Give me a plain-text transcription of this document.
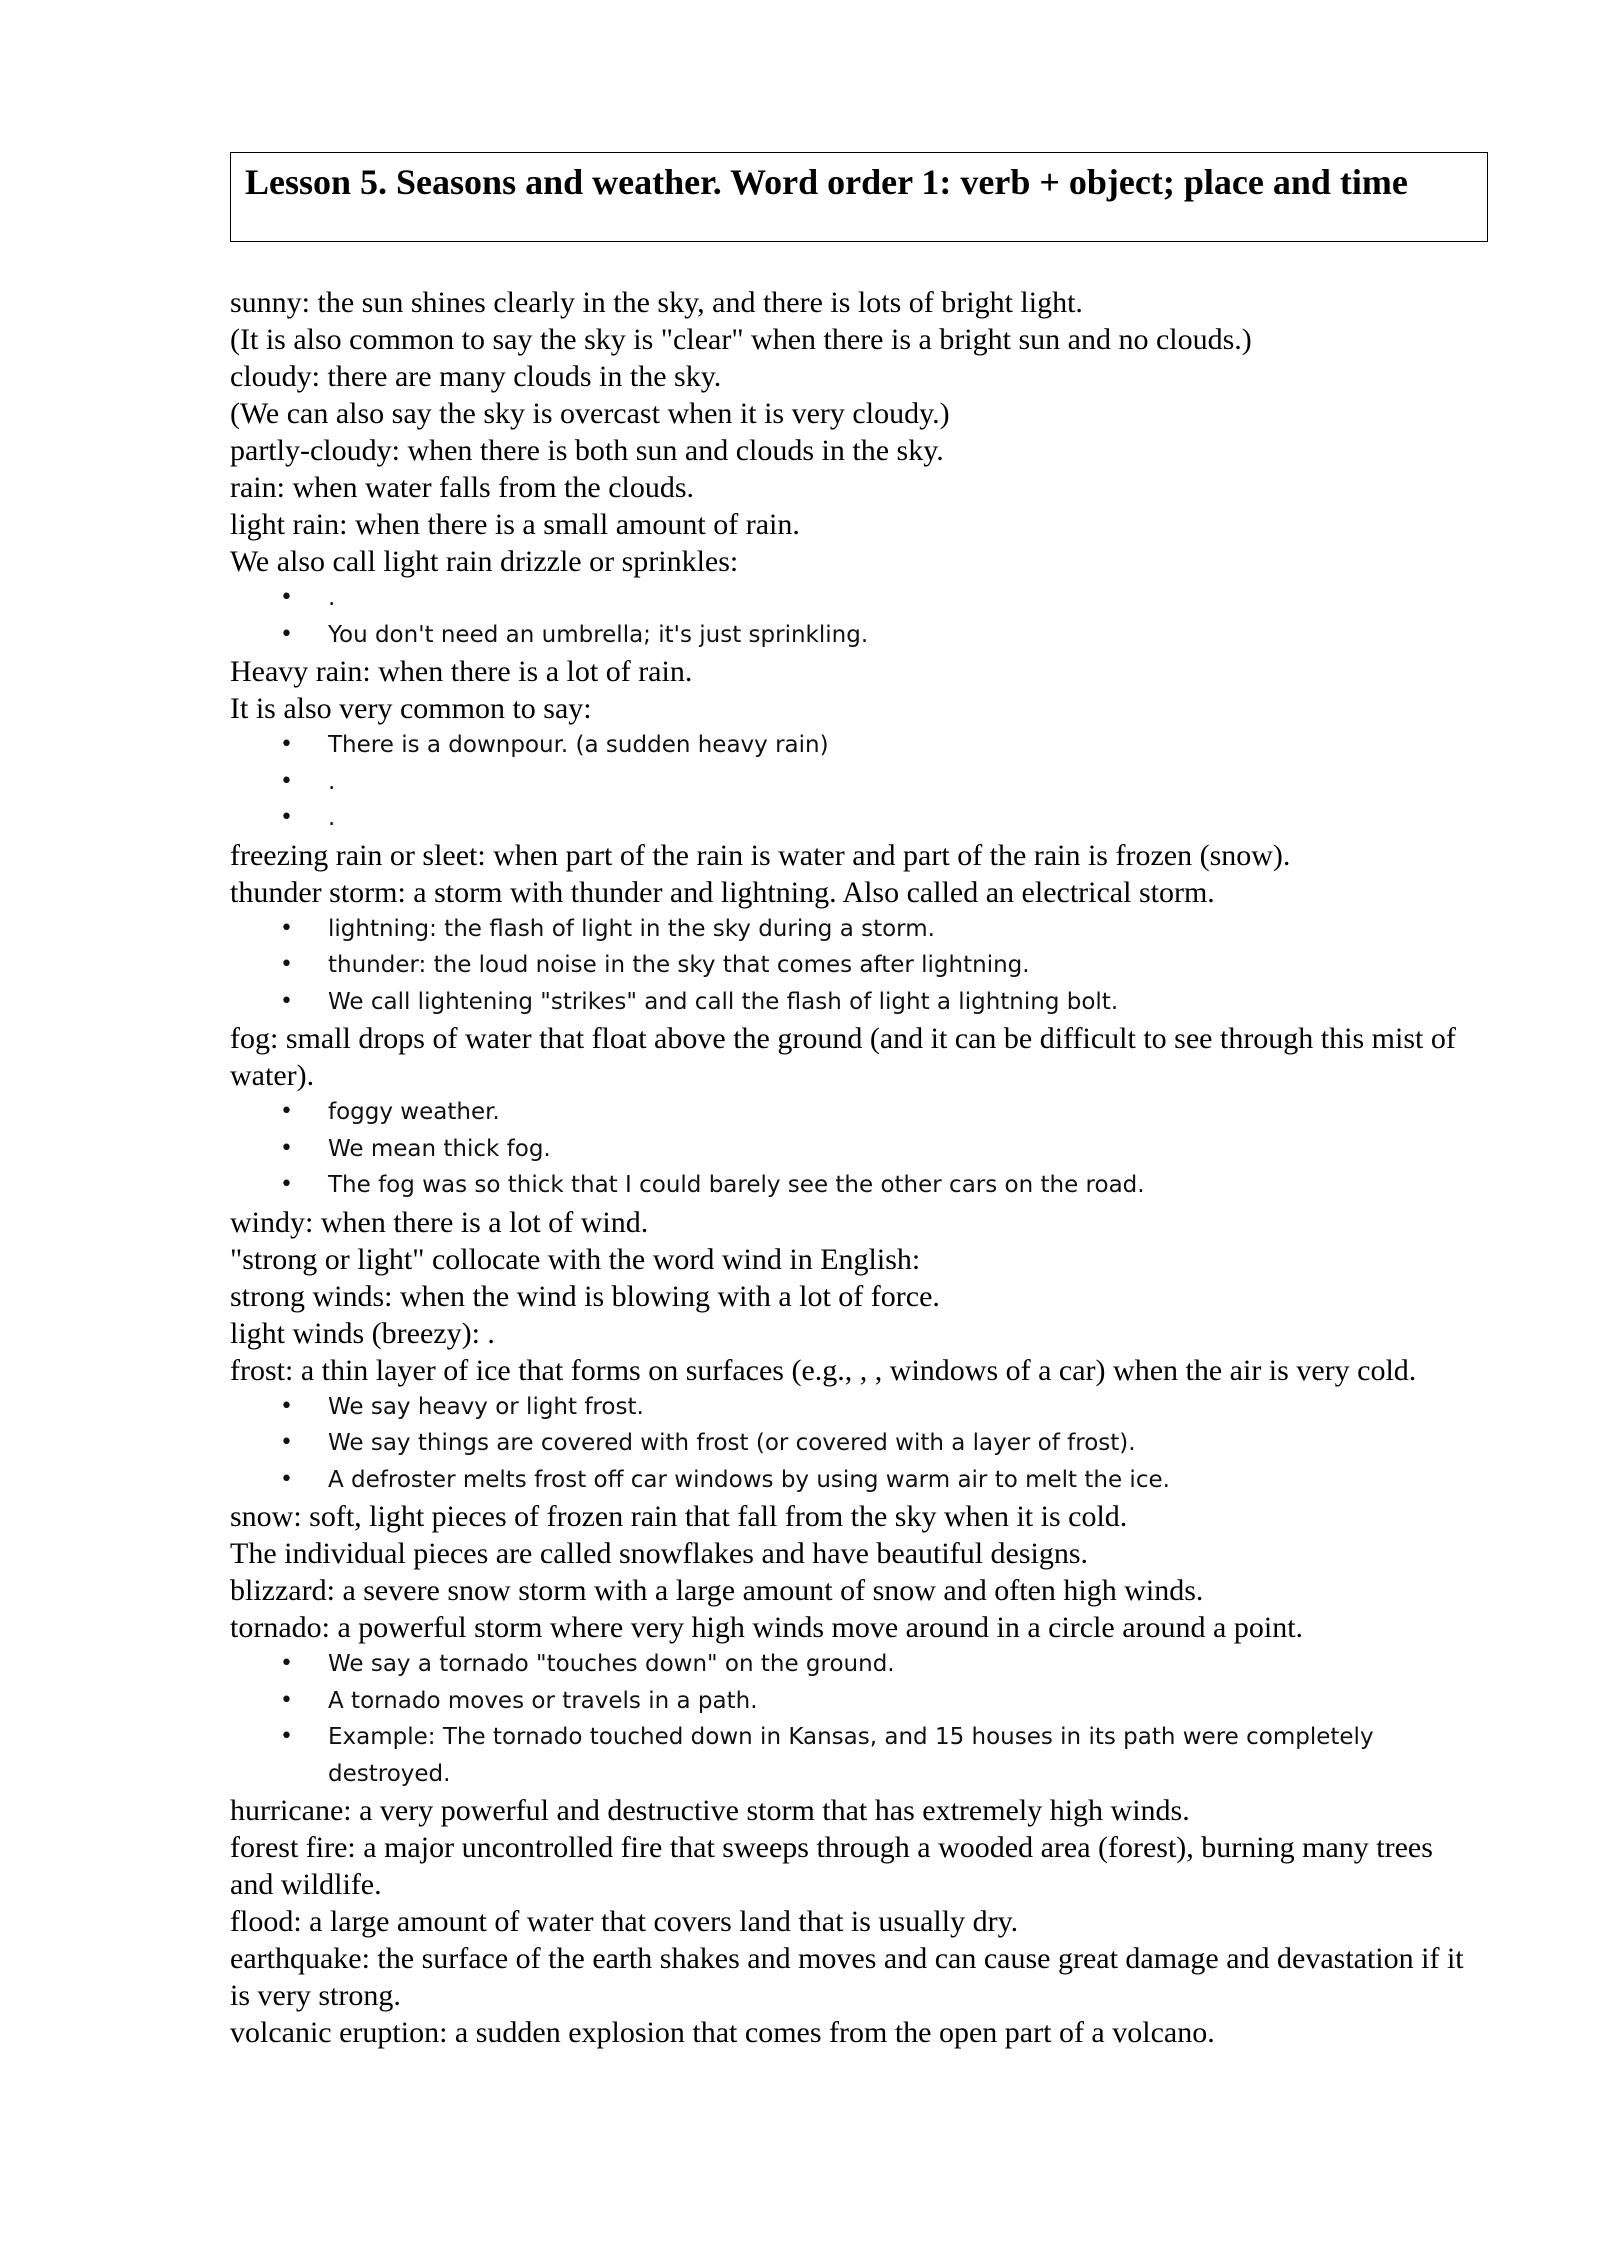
Lesson 5. Seasons and weather. Word order 1: verb + object; place and time

sunny: the sun shines clearly in the sky, and there is lots of bright light.

(It is also common to say the sky is "clear" when there is a bright sun and no clouds.)

cloudy: there are many clouds in the sky.

(We can also say the sky is overcast when it is very cloudy.)

partly-cloudy: when there is both sun and clouds in the sky.

rain: when water falls from the clouds.

light rain: when there is a small amount of rain.

We also call light rain drizzle or sprinkles:

• .
• You don't need an umbrella; it's just sprinkling.

Heavy rain: when there is a lot of rain.

It is also very common to say:

• There is a downpour. (a sudden heavy rain)
• .
• .

freezing rain or sleet: when part of the rain is water and part of the rain is frozen (snow).

thunder storm: a storm with thunder and lightning. Also called an electrical storm.

• lightning: the flash of light in the sky during a storm.
• thunder: the loud noise in the sky that comes after lightning.
• We call lightening "strikes" and call the flash of light a lightning bolt.

fog: small drops of water that float above the ground (and it can be difficult to see through this mist of water).

• foggy weather.
• We mean thick fog.
• The fog was so thick that I could barely see the other cars on the road.

windy: when there is a lot of wind.

"strong or light" collocate with the word wind in English:

strong winds: when the wind is blowing with a lot of force.

light winds (breezy): .

frost: a thin layer of ice that forms on surfaces (e.g., , , windows of a car) when the air is very cold.

• We say heavy or light frost.
• We say things are covered with frost (or covered with a layer of frost).
• A defroster melts frost off car windows by using warm air to melt the ice.

snow: soft, light pieces of frozen rain that fall from the sky when it is cold.

The individual pieces are called snowflakes and have beautiful designs.

blizzard: a severe snow storm with a large amount of snow and often high winds.

tornado: a powerful storm where very high winds move around in a circle around a point.

• We say a tornado "touches down" on the ground.
• A tornado moves or travels in a path.
• Example: The tornado touched down in Kansas, and 15 houses in its path were completely destroyed.

hurricane: a very powerful and destructive storm that has extremely high winds.

forest fire: a major uncontrolled fire that sweeps through a wooded area (forest), burning many trees and wildlife.

flood: a large amount of water that covers land that is usually dry.

earthquake: the surface of the earth shakes and moves and can cause great damage and devastation if it is very strong.

volcanic eruption: a sudden explosion that comes from the open part of a volcano.
